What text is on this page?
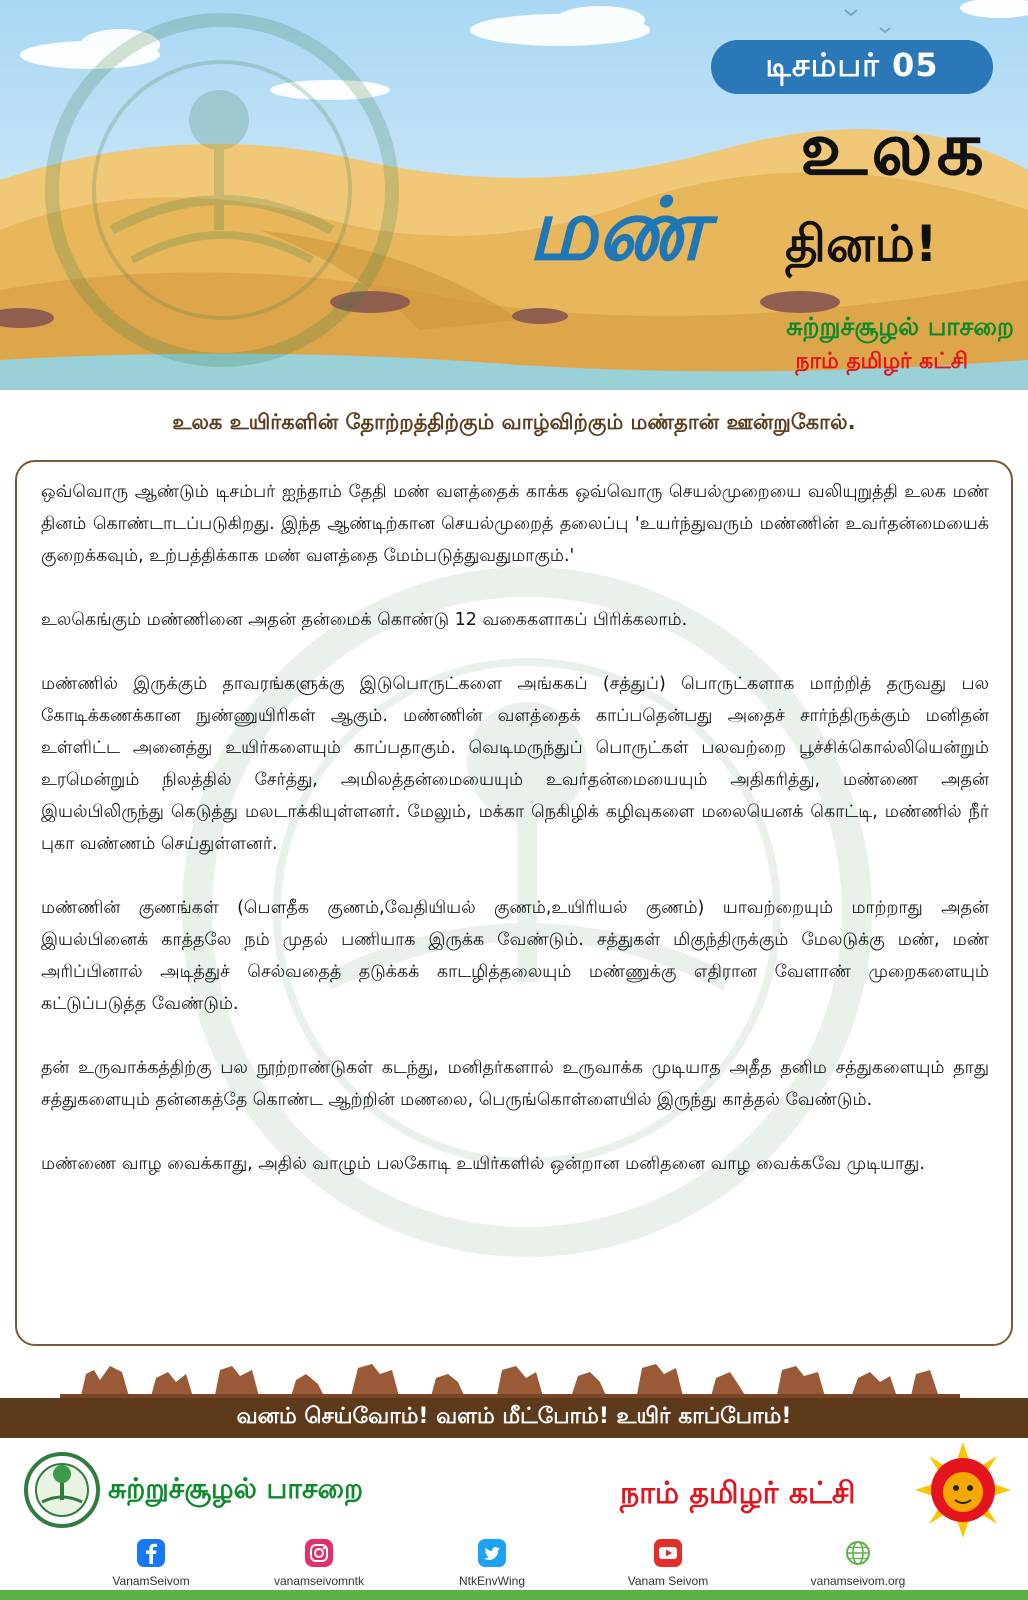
டிசம்பர் 05
உலக
மண் தினம்!
சுற்றுச்சூழல் பாசறை
நாம் தமிழர் கட்சி
உலக உயிர்களின் தோற்றத்திற்கும் வாழ்விற்கும் மண்தான் ஊன்றுகோல்.

ஒவ்வொரு ஆண்டும் டிசம்பர் ஐந்தாம் தேதி மண் வளத்தைக் காக்க ஒவ்வொரு செயல்முறையை வலியுறுத்தி உலக மண் தினம் கொண்டாடப்படுகிறது. இந்த ஆண்டிற்கான செயல்முறைத் தலைப்பு 'உயர்ந்துவரும் மண்ணின் உவர்தன்மையைக் குறைக்கவும், உற்பத்திக்காக மண் வளத்தை மேம்படுத்துவதுமாகும்.'

உலகெங்கும் மண்ணினை அதன் தன்மைக் கொண்டு 12 வகைகளாகப் பிரிக்கலாம்.

மண்ணில் இருக்கும் தாவரங்களுக்கு இடுபொருட்களை அங்ககப் (சத்துப்) பொருட்களாக மாற்றித் தருவது பல கோடிக்கணக்கான நுண்ணுயிரிகள் ஆகும். மண்ணின் வளத்தைக் காப்பதென்பது அதைச் சார்ந்திருக்கும் மனிதன் உள்ளிட்ட அனைத்து உயிர்களையும் காப்பதாகும். வெடிமருந்துப் பொருட்கள் பலவற்றை பூச்சிக்கொல்லியென்றும் உரமென்றும் நிலத்தில் சேர்த்து, அமிலத்தன்மையையும் உவர்தன்மையையும் அதிகரித்து, மண்ணை அதன் இயல்பிலிருந்து கெடுத்து மலடாக்கியுள்ளனர். மேலும், மக்கா நெகிழிக் கழிவுகளை மலையெனக் கொட்டி, மண்ணில் நீர் புகா வண்ணம் செய்துள்ளனர்.

மண்ணின் குணங்கள் (பௌதீக குணம்,வேதியியல் குணம்,உயிரியல் குணம்) யாவற்றையும் மாற்றாது அதன் இயல்பினைக் காத்தலே நம் முதல் பணியாக இருக்க வேண்டும். சத்துகள் மிகுந்திருக்கும் மேலடுக்கு மண், மண் அரிப்பினால் அடித்துச் செல்வதைத் தடுக்கக் காடழித்தலையும் மண்ணுக்கு எதிரான வேளாண் முறைகளையும் கட்டுப்படுத்த வேண்டும்.

தன் உருவாக்கத்திற்கு பல நூற்றாண்டுகள் கடந்து, மனிதர்களால் உருவாக்க முடியாத அதீத தனிம சத்துகளையும் தாது சத்துகளையும் தன்னகத்தே கொண்ட ஆற்றின் மணலை, பெருங்கொள்ளையில் இருந்து காத்தல் வேண்டும்.

மண்ணை வாழ வைக்காது, அதில் வாழும் பலகோடி உயிர்களில் ஒன்றான மனிதனை வாழ வைக்கவே முடியாது.

வனம் செய்வோம்! வளம் மீட்போம்! உயிர் காப்போம்!
சுற்றுச்சூழல் பாசறை	நாம் தமிழர் கட்சி
VanamSeivom	vanamseivomntk	NtkEnvWing	Vanam Seivom	vanamseivom.org
